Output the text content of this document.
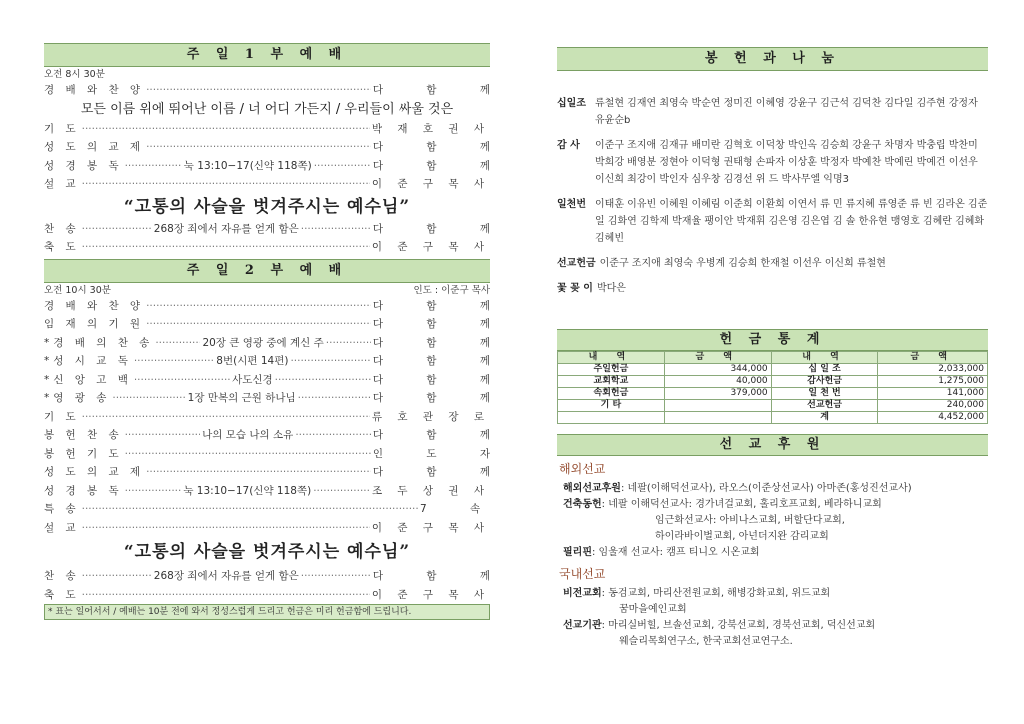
주 일 1 부 예 배
오전 8시 30분
경 배 와 찬 양 ·····	다 함 께
모든 이름 위에 뛰어난 이름 / 너 어디 가든지 / 우리들이 싸울 것은
기 도 ·····	박 재 호 권 사
성 도 의 교 제 ·····	다 함 께
성 경 봉 독 ·····	눅 13:10−17(신약 118쪽) ·····	다 함 께
설 교 ·····	이 준 구 목 사
“고통의 사슬을 벗겨주시는 예수님”
찬 송 ·····	268장 죄에서 자유를 얻게 함은 ·····	다 함 께
축 도 ·····	이 준 구 목 사
주 일 2 부 예 배
오전 10시 30분	인도 : 이준구 목사
경 배 와 찬 양 ·····	다 함 께
임 재 의 기 원 ·····	다 함 께
*경 배 의 찬 송 ·····	20장 큰 영광 중에 계신 주 ·····	다 함 께
*성 시 교 독 ·····	8번(시편 14편) ·····	다 함 께
*신 앙 고 백 ·····	사도신경 ·····	다 함 께
*영 광 송 ·····	1장 만복의 근원 하나님 ·····	다 함 께
기 도 ·····	류 호 관 장 로
봉 헌 찬 송 ·····	나의 모습 나의 소유 ·····	다 함 께
봉 헌 기 도 ·····	인 도 자
성 도 의 교 제 ·····	다 함 께
성 경 봉 독 ·····	눅 13:10−17(신약 118쪽) ·····	조 두 상 권 사
특 송 ·····	7 속
설 교 ·····	이 준 구 목 사
“고통의 사슬을 벗겨주시는 예수님”
찬 송 ·····	268장 죄에서 자유를 얻게 함은 ·····	다 함 께
축 도 ·····	이 준 구 목 사
* 표는 일어서서 / 예배는 10분 전에 와서 정성스럽게 드리고 헌금은 미리 헌금함에 드립니다.
봉 헌 과 나 눔
십일조 류철현 김재연 최영숙 박순연 정미진 이혜영 강윤구 김근석 김덕찬 김다일 김주현 강정자 유윤순b
감 사	이준구 조지애 김재규 배미란 김혁호 이덕창 박인옥 김승희 강윤구 차명자 박충립 박찬미 박희강 배영분 정현아 이덕형 권태형 손파자 이상훈 박정자 박예찬 박예린 박예건 이선우 이신희 최강이 박인자 심우창 김경선 위 드 박사무엘 익명3
일천번 이태훈 이유빈 이혜원 이혜림 이준희 이환희 이연서 류 민 류지혜 류영준 류 빈 김라온 김준일 김화연 김학제 박재율 팽이안 박재휘 김은영 김은엽 김 솔 한유현 맹영호 김혜란 김혜화 김혜빈
선교헌금 이준구 조지애 최영숙 우병계 김승희 한재철 이선우 이신희 류철현
꽃 꽂 이 박다은
헌 금 통 계
내 역	금 액	내 역	금 액
주일헌금	344,000	십 일 조	2,033,000
교회학교	40,000	감사헌금	1,275,000
속회헌금	379,000	일 천 번	141,000
기 타		선교헌금	240,000
		계	4,452,000
선 교 후 원
해외선교
해외선교후원: 네팔(이해덕선교사), 라오스(이준상선교사) 아마존(홍성진선교사)
건축동헌: 네팔 이해덕선교사: 경가녀걸교회, 홀리호프교회, 베라하니교회
임근화선교사: 아비나스교회, 버할단다교회,
하이라바이벌교회, 아넌더지완 감리교회
필리핀: 임울재 선교사: 캠프 티니오 시온교회
국내선교
비전교회: 동검교회, 마리산전원교회, 해병강화교회, 위드교회
꿈마을예인교회
선교기관: 마리실버힐, 브솔선교회, 강북선교회, 경북선교회, 덕신선교회
웨슬리목회연구소, 한국교회선교연구소.
